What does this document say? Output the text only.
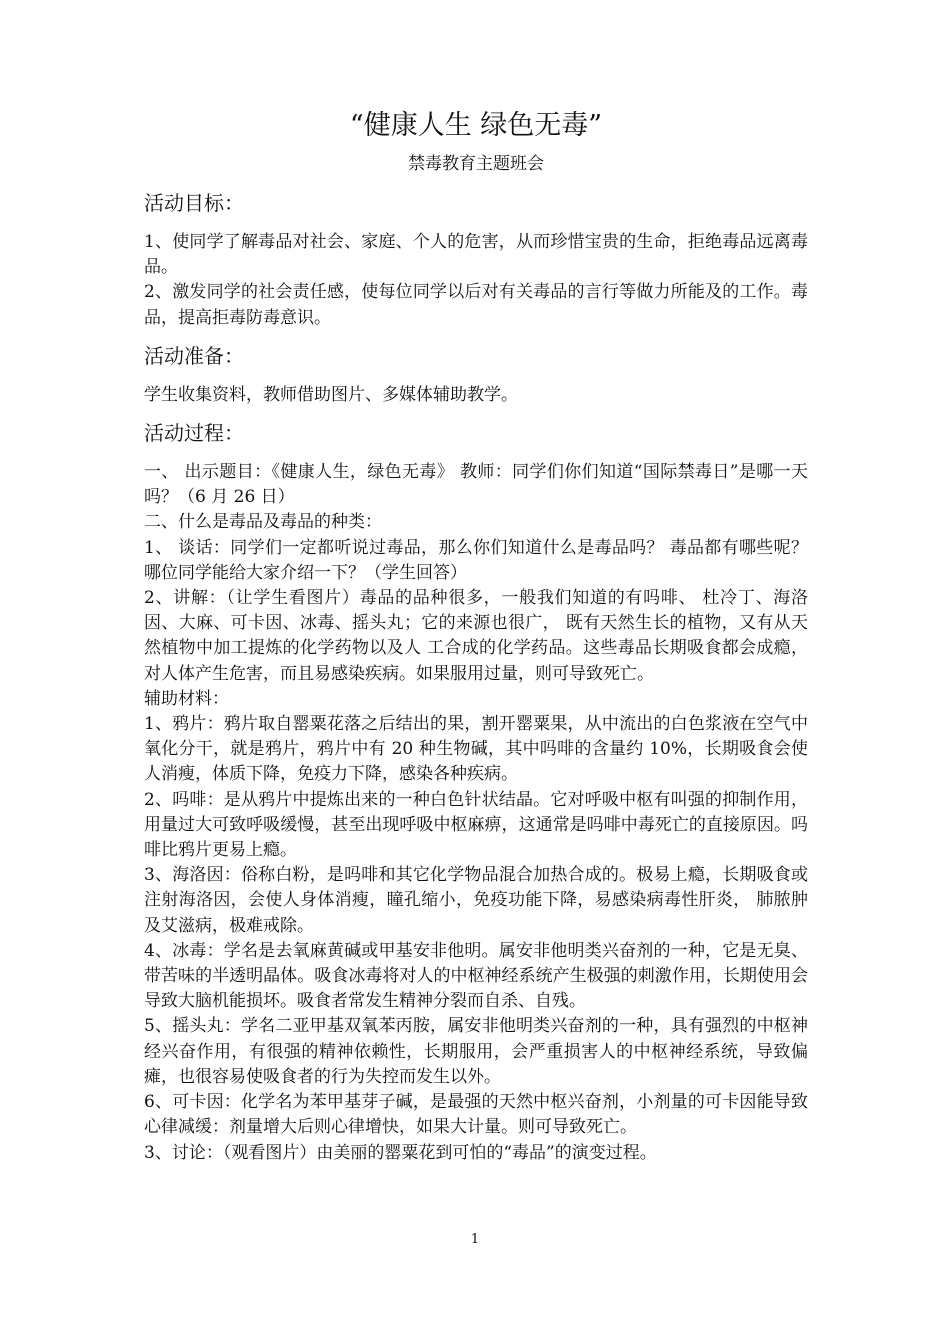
“健康人生 绿色无毒”
禁毒教育主题班会
活动目标：

1、使同学了解毒品对社会、家庭、个人的危害，从而珍惜宝贵的生命，拒绝毒品远离毒品。

2、激发同学的社会责任感，使每位同学以后对有关毒品的言行等做力所能及的工作。毒 品，提高拒毒防毒意识。

活动准备：

学生收集资料，教师借助图片、多媒体辅助教学。

活动过程：

一、 出示题目：《健康人生，绿色无毒》 教师：同学们你们知道“国际禁毒日”是哪一天吗？（6 月 26 日）

二、什么是毒品及毒品的种类：

1、 谈话：同学们一定都听说过毒品，那么你们知道什么是毒品吗？ 毒品都有哪些呢？哪位同学能给大家介绍一下？（学生回答）

2、讲解：（让学生看图片）毒品的品种很多，一般我们知道的有吗啡、 杜冷丁、海洛因、大麻、可卡因、冰毒、摇头丸；它的来源也很广， 既有天然生长的植物，又有从天然植物中加工提炼的化学药物以及人 工合成的化学药品。这些毒品长期吸食都会成瘾，对人体产生危害，而且易感染疾病。如果服用过量，则可导致死亡。

辅助材料：

1、鸦片：鸦片取自罂粟花落之后结出的果，割开罂粟果，从中流出的白色浆液在空气中氧化分干，就是鸦片，鸦片中有 20 种生物碱，其中吗啡的含量约 10%，长期吸食会使人消瘦，体质下降，免疫力下降，感染各种疾病。

2、吗啡：是从鸦片中提炼出来的一种白色针状结晶。它对呼吸中枢有叫强的抑制作用，用量过大可致呼吸缓慢，甚至出现呼吸中枢麻痹，这通常是吗啡中毒死亡的直接原因。吗啡比鸦片更易上瘾。

3、海洛因：俗称白粉，是吗啡和其它化学物品混合加热合成的。极易上瘾，长期吸食或注射海洛因，会使人身体消瘦，瞳孔缩小，免疫功能下降，易感染病毒性肝炎， 肺脓肿及艾滋病，极难戒除。

4、冰毒：学名是去氧麻黄碱或甲基安非他明。属安非他明类兴奋剂的一种，它是无臭、带苦味的半透明晶体。吸食冰毒将对人的中枢神经系统产生极强的刺激作用，长期使用会导致大脑机能损坏。吸食者常发生精神分裂而自杀、自残。

5、摇头丸：学名二亚甲基双氧苯丙胺，属安非他明类兴奋剂的一种，具有强烈的中枢神经兴奋作用，有很强的精神依赖性，长期服用，会严重损害人的中枢神经系统，导致偏瘫，也很容易使吸食者的行为失控而发生以外。

6、可卡因：化学名为苯甲基芽子碱，是最强的天然中枢兴奋剂，小剂量的可卡因能导致心律减缓：剂量增大后则心律增快，如果大计量。则可导致死亡。

3、讨论：（观看图片）由美丽的罂粟花到可怕的“毒品”的演变过程。

1
